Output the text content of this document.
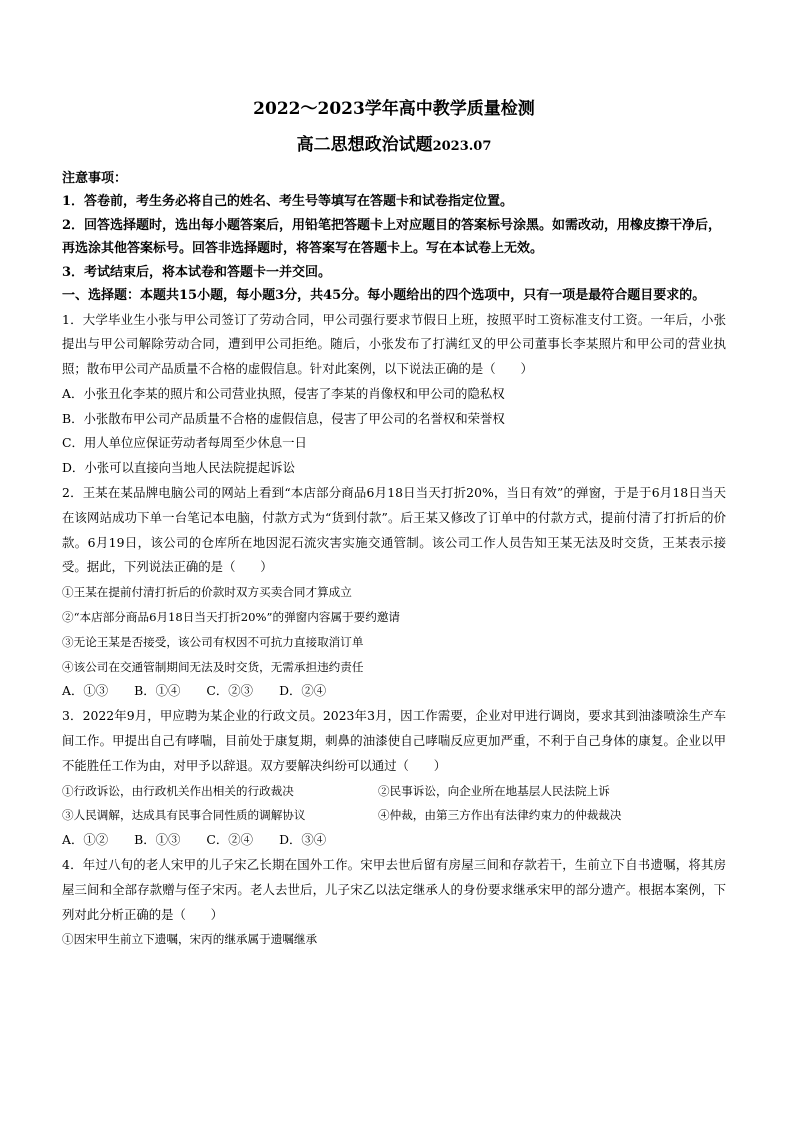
2022～2023学年高中教学质量检测
高二思想政治试题2023.07
注意事项：
1．答卷前，考生务必将自己的姓名、考生号等填写在答题卡和试卷指定位置。
2．回答选择题时，选出每小题答案后，用铅笔把答题卡上对应题目的答案标号涂黑。如需改动，用橡皮擦干净后，再选涂其他答案标号。回答非选择题时，将答案写在答题卡上。写在本试卷上无效。
3．考试结束后，将本试卷和答题卡一并交回。
一、选择题：本题共15小题，每小题3分，共45分。每小题给出的四个选项中，只有一项是最符合题目要求的。
1．大学毕业生小张与甲公司签订了劳动合同，甲公司强行要求节假日上班，按照平时工资标准支付工资。一年后，小张提出与甲公司解除劳动合同，遭到甲公司拒绝。随后，小张发布了打满红叉的甲公司董事长李某照片和甲公司的营业执照；散布甲公司产品质量不合格的虚假信息。针对此案例，以下说法正确的是（　　）
A．小张丑化李某的照片和公司营业执照，侵害了李某的肖像权和甲公司的隐私权
B．小张散布甲公司产品质量不合格的虚假信息，侵害了甲公司的名誉权和荣誉权
C．用人单位应保证劳动者每周至少休息一日
D．小张可以直接向当地人民法院提起诉讼
2．王某在某品牌电脑公司的网站上看到“本店部分商品6月18日当天打折20%，当日有效”的弹窗，于是于6月18日当天在该网站成功下单一台笔记本电脑，付款方式为“货到付款”。后王某又修改了订单中的付款方式，提前付清了打折后的价款。6月19日，该公司的仓库所在地因泥石流灾害实施交通管制。该公司工作人员告知王某无法及时交货，王某表示接受。据此，下列说法正确的是（　　）
①王某在提前付清打折后的价款时双方买卖合同才算成立
②“本店部分商品6月18日当天打折20%”的弹窗内容属于要约邀请
③无论王某是否接受，该公司有权因不可抗力直接取消订单
④该公司在交通管制期间无法及时交货，无需承担违约责任
A．①③ B．①④ C．②③ D．②④
3．2022年9月，甲应聘为某企业的行政文员。2023年3月，因工作需要，企业对甲进行调岗，要求其到油漆喷涂生产车间工作。甲提出自己有哮喘，目前处于康复期，刺鼻的油漆使自己哮喘反应更加严重，不利于自己身体的康复。企业以甲不能胜任工作为由，对甲予以辞退。双方要解决纠纷可以通过（　　）
①行政诉讼，由行政机关作出相关的行政裁决	②民事诉讼，向企业所在地基层人民法院上诉
③人民调解，达成具有民事合同性质的调解协议	④仲裁，由第三方作出有法律约束力的仲裁裁决
A．①② B．①③ C．②④ D．③④
4．年过八旬的老人宋甲的儿子宋乙长期在国外工作。宋甲去世后留有房屋三间和存款若干，生前立下自书遗嘱，将其房屋三间和全部存款赠与侄子宋丙。老人去世后，儿子宋乙以法定继承人的身份要求继承宋甲的部分遗产。根据本案例，下列对此分析正确的是（　　）
①因宋甲生前立下遗嘱，宋丙的继承属于遗嘱继承
